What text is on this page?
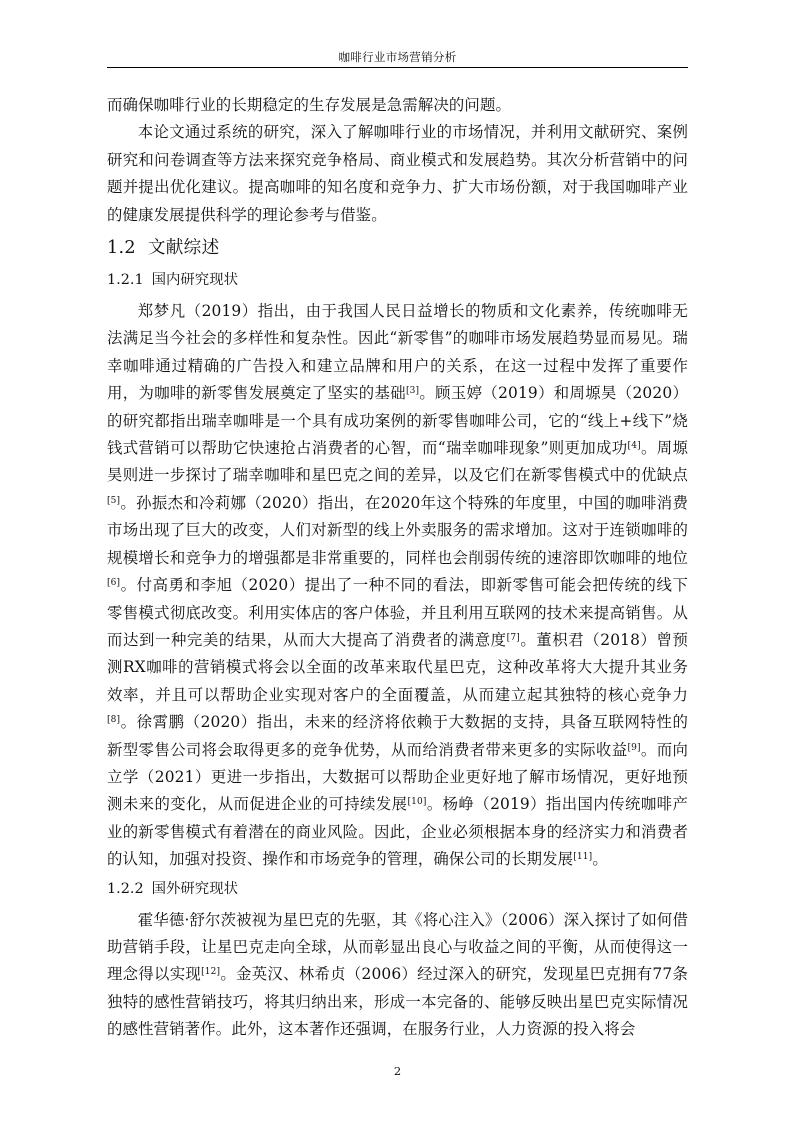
咖啡行业市场营销分析

而确保咖啡行业的长期稳定的生存发展是急需解决的问题。

本论文通过系统的研究，深入了解咖啡行业的市场情况，并利用文献研究、案例研究和问卷调查等方法来探究竞争格局、商业模式和发展趋势。其次分析营销中的问题并提出优化建议。提高咖啡的知名度和竞争力、扩大市场份额，对于我国咖啡产业的健康发展提供科学的理论参考与借鉴。

1.2 文献综述
1.2.1 国内研究现状

郑梦凡（2019）指出，由于我国人民日益增长的物质和文化素养，传统咖啡无法满足当今社会的多样性和复杂性。因此“新零售”的咖啡市场发展趋势显而易见。瑞幸咖啡通过精确的广告投入和建立品牌和用户的关系，在这一过程中发挥了重要作用，为咖啡的新零售发展奠定了坚实的基础[3]。顾玉婷（2019）和周塬昊（2020）的研究都指出瑞幸咖啡是一个具有成功案例的新零售咖啡公司，它的“线上+线下”烧钱式营销可以帮助它快速抢占消费者的心智，而“瑞幸咖啡现象”则更加成功[4]。周塬昊则进一步探讨了瑞幸咖啡和星巴克之间的差异，以及它们在新零售模式中的优缺点[5]。孙振杰和冷莉娜（2020）指出，在2020年这个特殊的年度里，中国的咖啡消费市场出现了巨大的改变，人们对新型的线上外卖服务的需求增加。这对于连锁咖啡的规模增长和竞争力的增强都是非常重要的，同样也会削弱传统的速溶即饮咖啡的地位[6]。付高勇和李旭（2020）提出了一种不同的看法，即新零售可能会把传统的线下零售模式彻底改变。利用实体店的客户体验，并且利用互联网的技术来提高销售。从而达到一种完美的结果，从而大大提高了消费者的满意度[7]。董枳君（2018）曾预测RX咖啡的营销模式将会以全面的改革来取代星巴克，这种改革将大大提升其业务效率，并且可以帮助企业实现对客户的全面覆盖，从而建立起其独特的核心竞争力[8]。徐霄鹏（2020）指出，未来的经济将依赖于大数据的支持，具备互联网特性的新型零售公司将会取得更多的竞争优势，从而给消费者带来更多的实际收益[9]。而向立学（2021）更进一步指出，大数据可以帮助企业更好地了解市场情况，更好地预测未来的变化，从而促进企业的可持续发展[10]。杨峥（2019）指出国内传统咖啡产业的新零售模式有着潜在的商业风险。因此，企业必须根据本身的经济实力和消费者的认知，加强对投资、操作和市场竞争的管理，确保公司的长期发展[11]。

1.2.2 国外研究现状

霍华德·舒尔茨被视为星巴克的先驱，其《将心注入》（2006）深入探讨了如何借助营销手段，让星巴克走向全球，从而彰显出良心与收益之间的平衡，从而使得这一理念得以实现[12]。金英汉、林希贞（2006）经过深入的研究，发现星巴克拥有77条独特的感性营销技巧，将其归纳出来，形成一本完备的、能够反映出星巴克实际情况的感性营销著作。此外，这本著作还强调，在服务行业，人力资源的投入将会

2
